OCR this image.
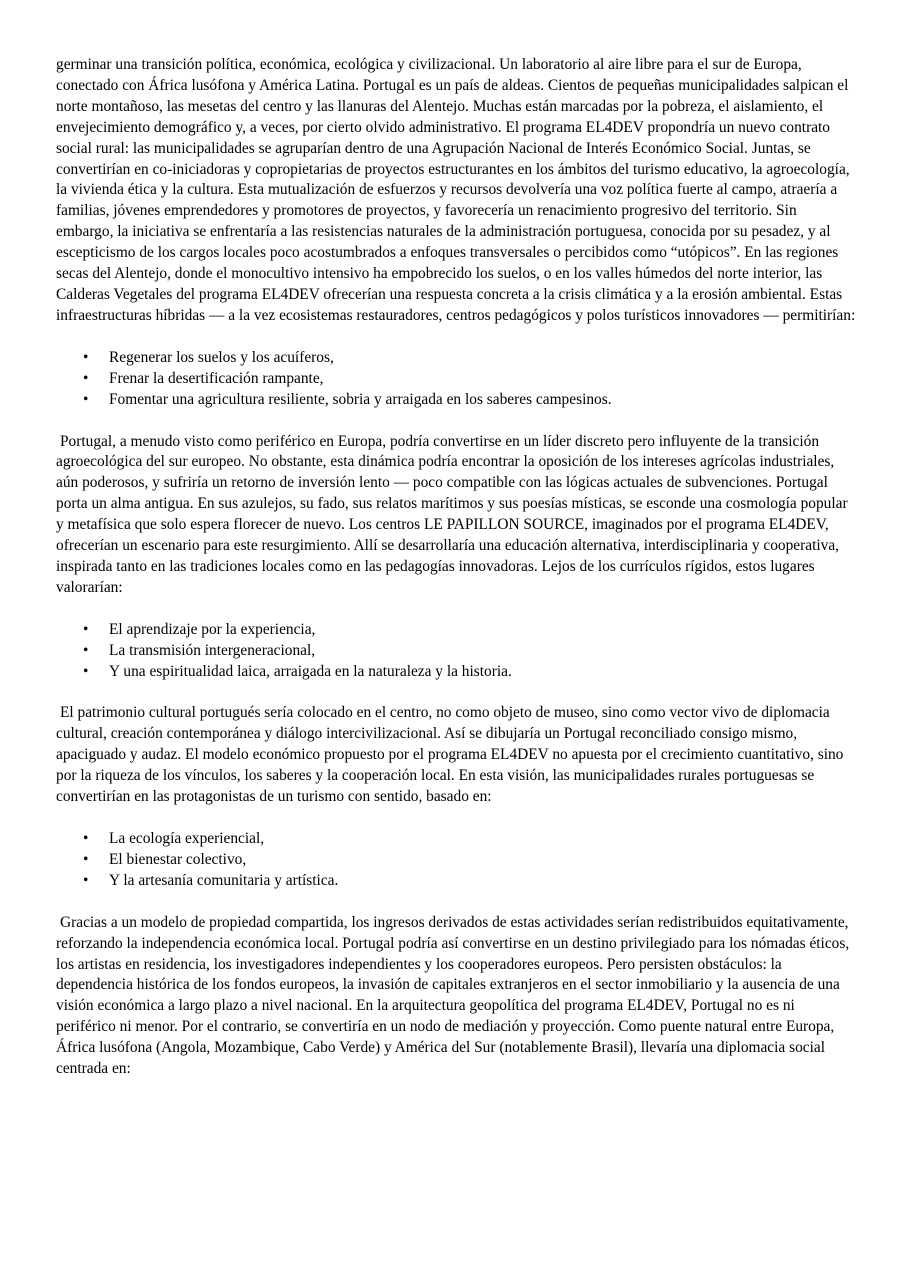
germinar una transición política, económica, ecológica y civilizacional. Un laboratorio al aire libre para el sur de Europa, conectado con África lusófona y América Latina. Portugal es un país de aldeas. Cientos de pequeñas municipalidades salpican el norte montañoso, las mesetas del centro y las llanuras del Alentejo. Muchas están marcadas por la pobreza, el aislamiento, el envejecimiento demográfico y, a veces, por cierto olvido administrativo. El programa EL4DEV propondría un nuevo contrato social rural: las municipalidades se agruparían dentro de una Agrupación Nacional de Interés Económico Social. Juntas, se convertirían en co-iniciadoras y copropietarias de proyectos estructurantes en los ámbitos del turismo educativo, la agroecología, la vivienda ética y la cultura. Esta mutualización de esfuerzos y recursos devolvería una voz política fuerte al campo, atraería a familias, jóvenes emprendedores y promotores de proyectos, y favorecería un renacimiento progresivo del territorio. Sin embargo, la iniciativa se enfrentaría a las resistencias naturales de la administración portuguesa, conocida por su pesadez, y al escepticismo de los cargos locales poco acostumbrados a enfoques transversales o percibidos como “utópicos”. En las regiones secas del Alentejo, donde el monocultivo intensivo ha empobrecido los suelos, o en los valles húmedos del norte interior, las Calderas Vegetales del programa EL4DEV ofrecerían una respuesta concreta a la crisis climática y a la erosión ambiental. Estas infraestructuras híbridas — a la vez ecosistemas restauradores, centros pedagógicos y polos turísticos innovadores — permitirían:

• Regenerar los suelos y los acuíferos,
• Frenar la desertificación rampante,
• Fomentar una agricultura resiliente, sobria y arraigada en los saberes campesinos.

Portugal, a menudo visto como periférico en Europa, podría convertirse en un líder discreto pero influyente de la transición agroecológica del sur europeo. No obstante, esta dinámica podría encontrar la oposición de los intereses agrícolas industriales, aún poderosos, y sufriría un retorno de inversión lento — poco compatible con las lógicas actuales de subvenciones. Portugal porta un alma antigua. En sus azulejos, su fado, sus relatos marítimos y sus poesías místicas, se esconde una cosmología popular y metafísica que solo espera florecer de nuevo. Los centros LE PAPILLON SOURCE, imaginados por el programa EL4DEV, ofrecerían un escenario para este resurgimiento. Allí se desarrollaría una educación alternativa, interdisciplinaria y cooperativa, inspirada tanto en las tradiciones locales como en las pedagogías innovadoras. Lejos de los currículos rígidos, estos lugares valorarían:

• El aprendizaje por la experiencia,
• La transmisión intergeneracional,
• Y una espiritualidad laica, arraigada en la naturaleza y la historia.

El patrimonio cultural portugués sería colocado en el centro, no como objeto de museo, sino como vector vivo de diplomacia cultural, creación contemporánea y diálogo intercivilizacional. Así se dibujaría un Portugal reconciliado consigo mismo, apaciguado y audaz. El modelo económico propuesto por el programa EL4DEV no apuesta por el crecimiento cuantitativo, sino por la riqueza de los vínculos, los saberes y la cooperación local. En esta visión, las municipalidades rurales portuguesas se convertirían en las protagonistas de un turismo con sentido, basado en:

• La ecología experiencial,
• El bienestar colectivo,
• Y la artesanía comunitaria y artística.

Gracias a un modelo de propiedad compartida, los ingresos derivados de estas actividades serían redistribuidos equitativamente, reforzando la independencia económica local. Portugal podría así convertirse en un destino privilegiado para los nómadas éticos, los artistas en residencia, los investigadores independientes y los cooperadores europeos. Pero persisten obstáculos: la dependencia histórica de los fondos europeos, la invasión de capitales extranjeros en el sector inmobiliario y la ausencia de una visión económica a largo plazo a nivel nacional. En la arquitectura geopolítica del programa EL4DEV, Portugal no es ni periférico ni menor. Por el contrario, se convertiría en un nodo de mediación y proyección. Como puente natural entre Europa, África lusófona (Angola, Mozambique, Cabo Verde) y América del Sur (notablemente Brasil), llevaría una diplomacia social centrada en:
